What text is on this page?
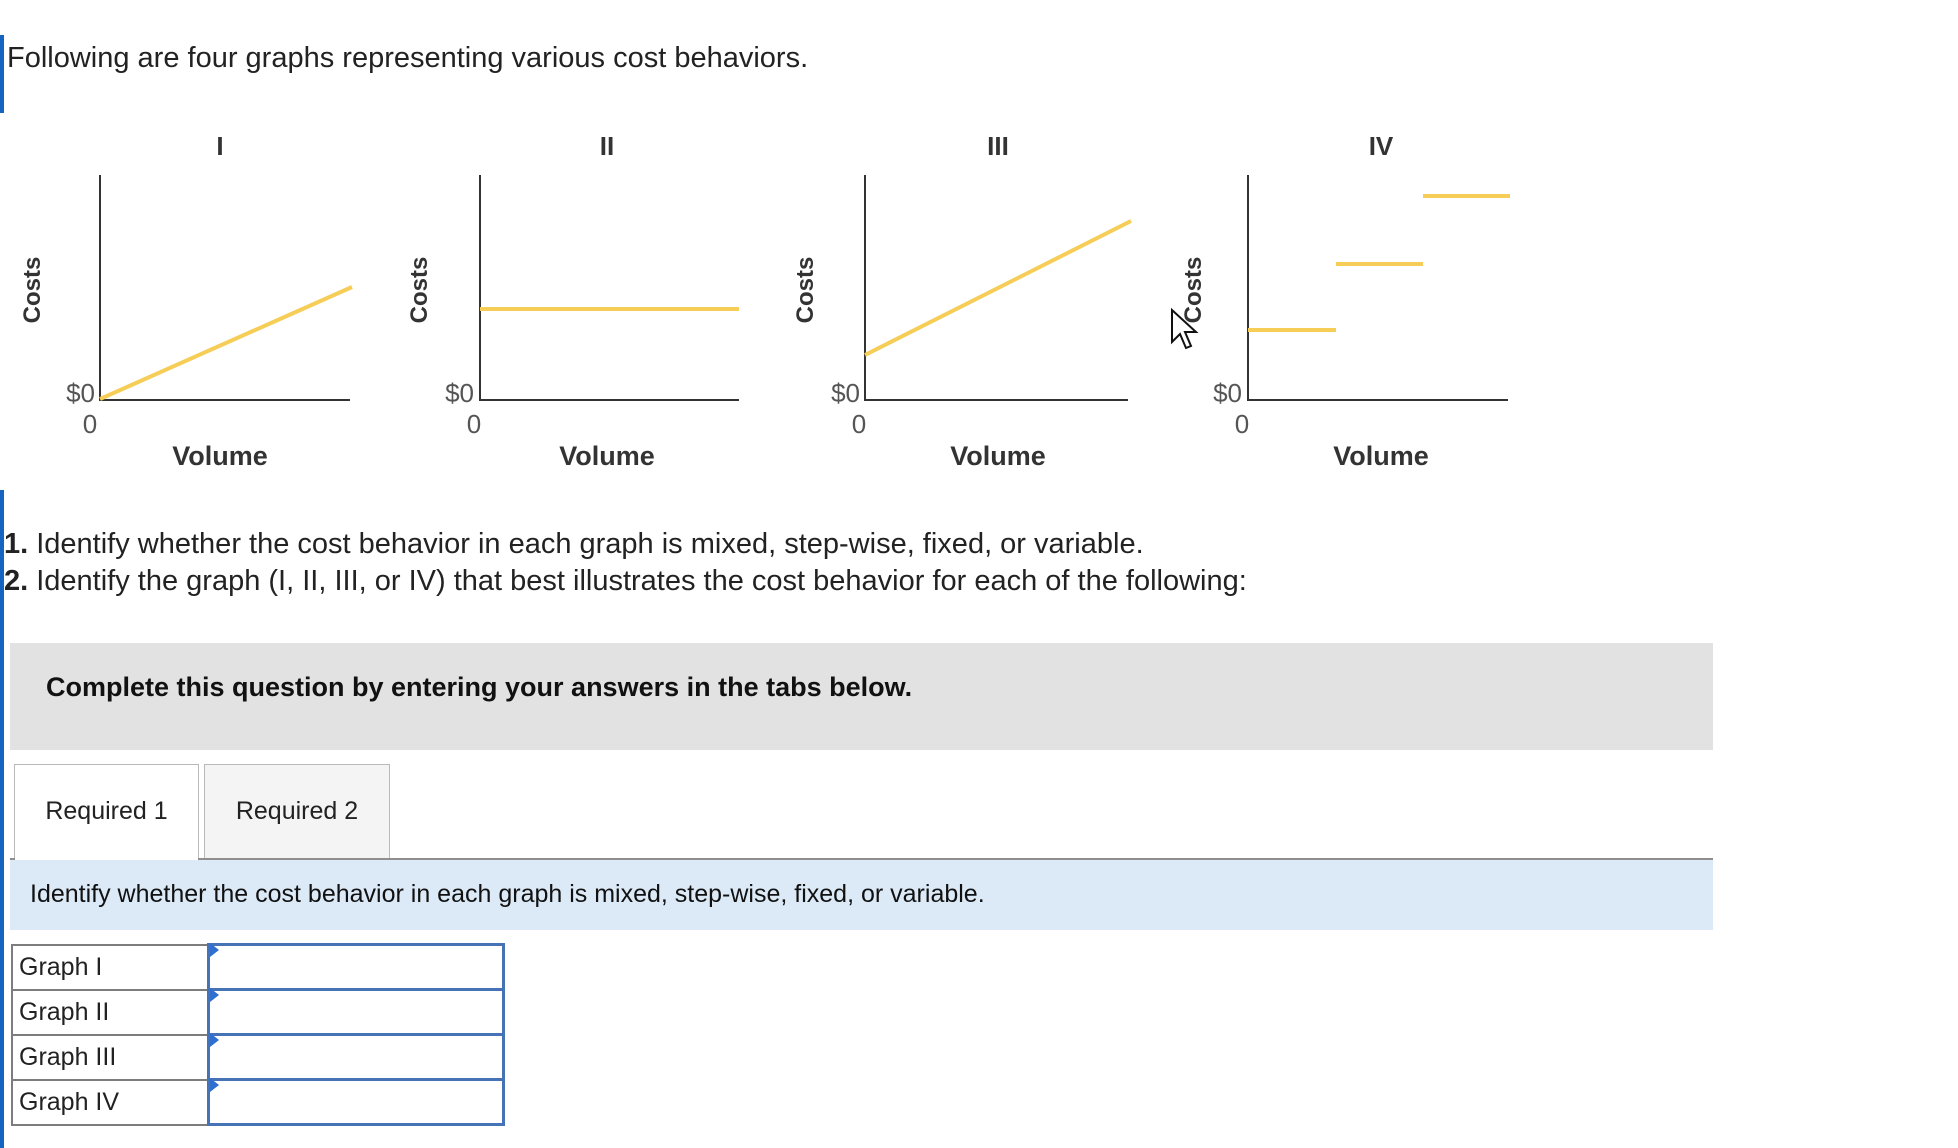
Following are four graphs representing various cost behaviors.

I
Costs
$0
0
Volume
II
Costs
$0
0
Volume
III
Costs
$0
0
Volume
IV
Costs
$0
0
Volume

1. Identify whether the cost behavior in each graph is mixed, step-wise, fixed, or variable.

2. Identify the graph (I, II, III, or IV) that best illustrates the cost behavior for each of the following:

Complete this question by entering your answers in the tabs below.
Required 1	Required 2
Identify whether the cost behavior in each graph is mixed, step-wise, fixed, or variable.
Graph I	

Graph II	

Graph III	

Graph IV	
